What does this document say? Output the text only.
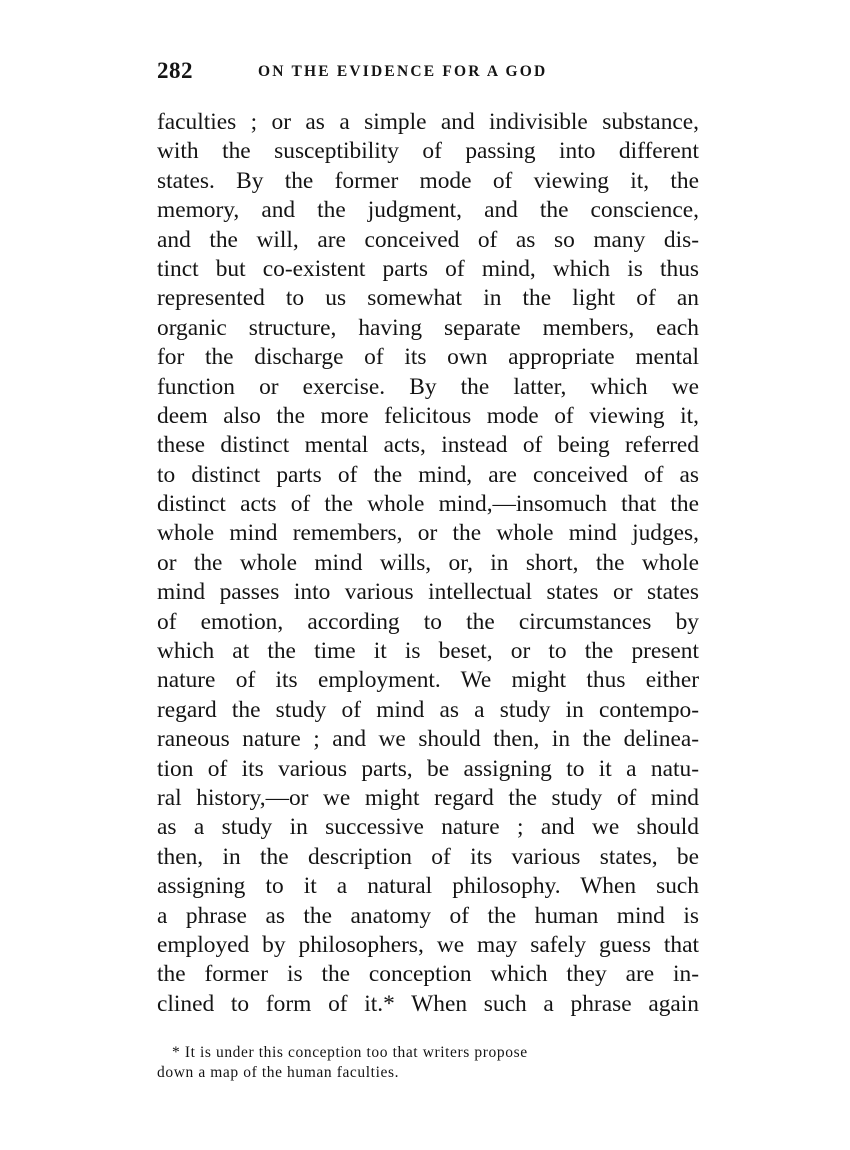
282	ON THE EVIDENCE FOR A GOD
faculties ; or as a simple and indivisible substance,
with the susceptibility of passing into different
states. By the former mode of viewing it, the
memory, and the judgment, and the conscience,
and the will, are conceived of as so many dis-
tinct but co-existent parts of mind, which is thus
represented to us somewhat in the light of an
organic structure, having separate members, each
for the discharge of its own appropriate mental
function or exercise. By the latter, which we
deem also the more felicitous mode of viewing it,
these distinct mental acts, instead of being referred
to distinct parts of the mind, are conceived of as
distinct acts of the whole mind,—insomuch that the
whole mind remembers, or the whole mind judges,
or the whole mind wills, or, in short, the whole
mind passes into various intellectual states or states
of emotion, according to the circumstances by
which at the time it is beset, or to the present
nature of its employment. We might thus either
regard the study of mind as a study in contempo-
raneous nature ; and we should then, in the delinea-
tion of its various parts, be assigning to it a natu-
ral history,—or we might regard the study of mind
as a study in successive nature ; and we should
then, in the description of its various states, be
assigning to it a natural philosophy. When such
a phrase as the anatomy of the human mind is
employed by philosophers, we may safely guess that
the former is the conception which they are in-
clined to form of it.* When such a phrase again
* It is under this conception too that writers propose
down a map of the human faculties.
